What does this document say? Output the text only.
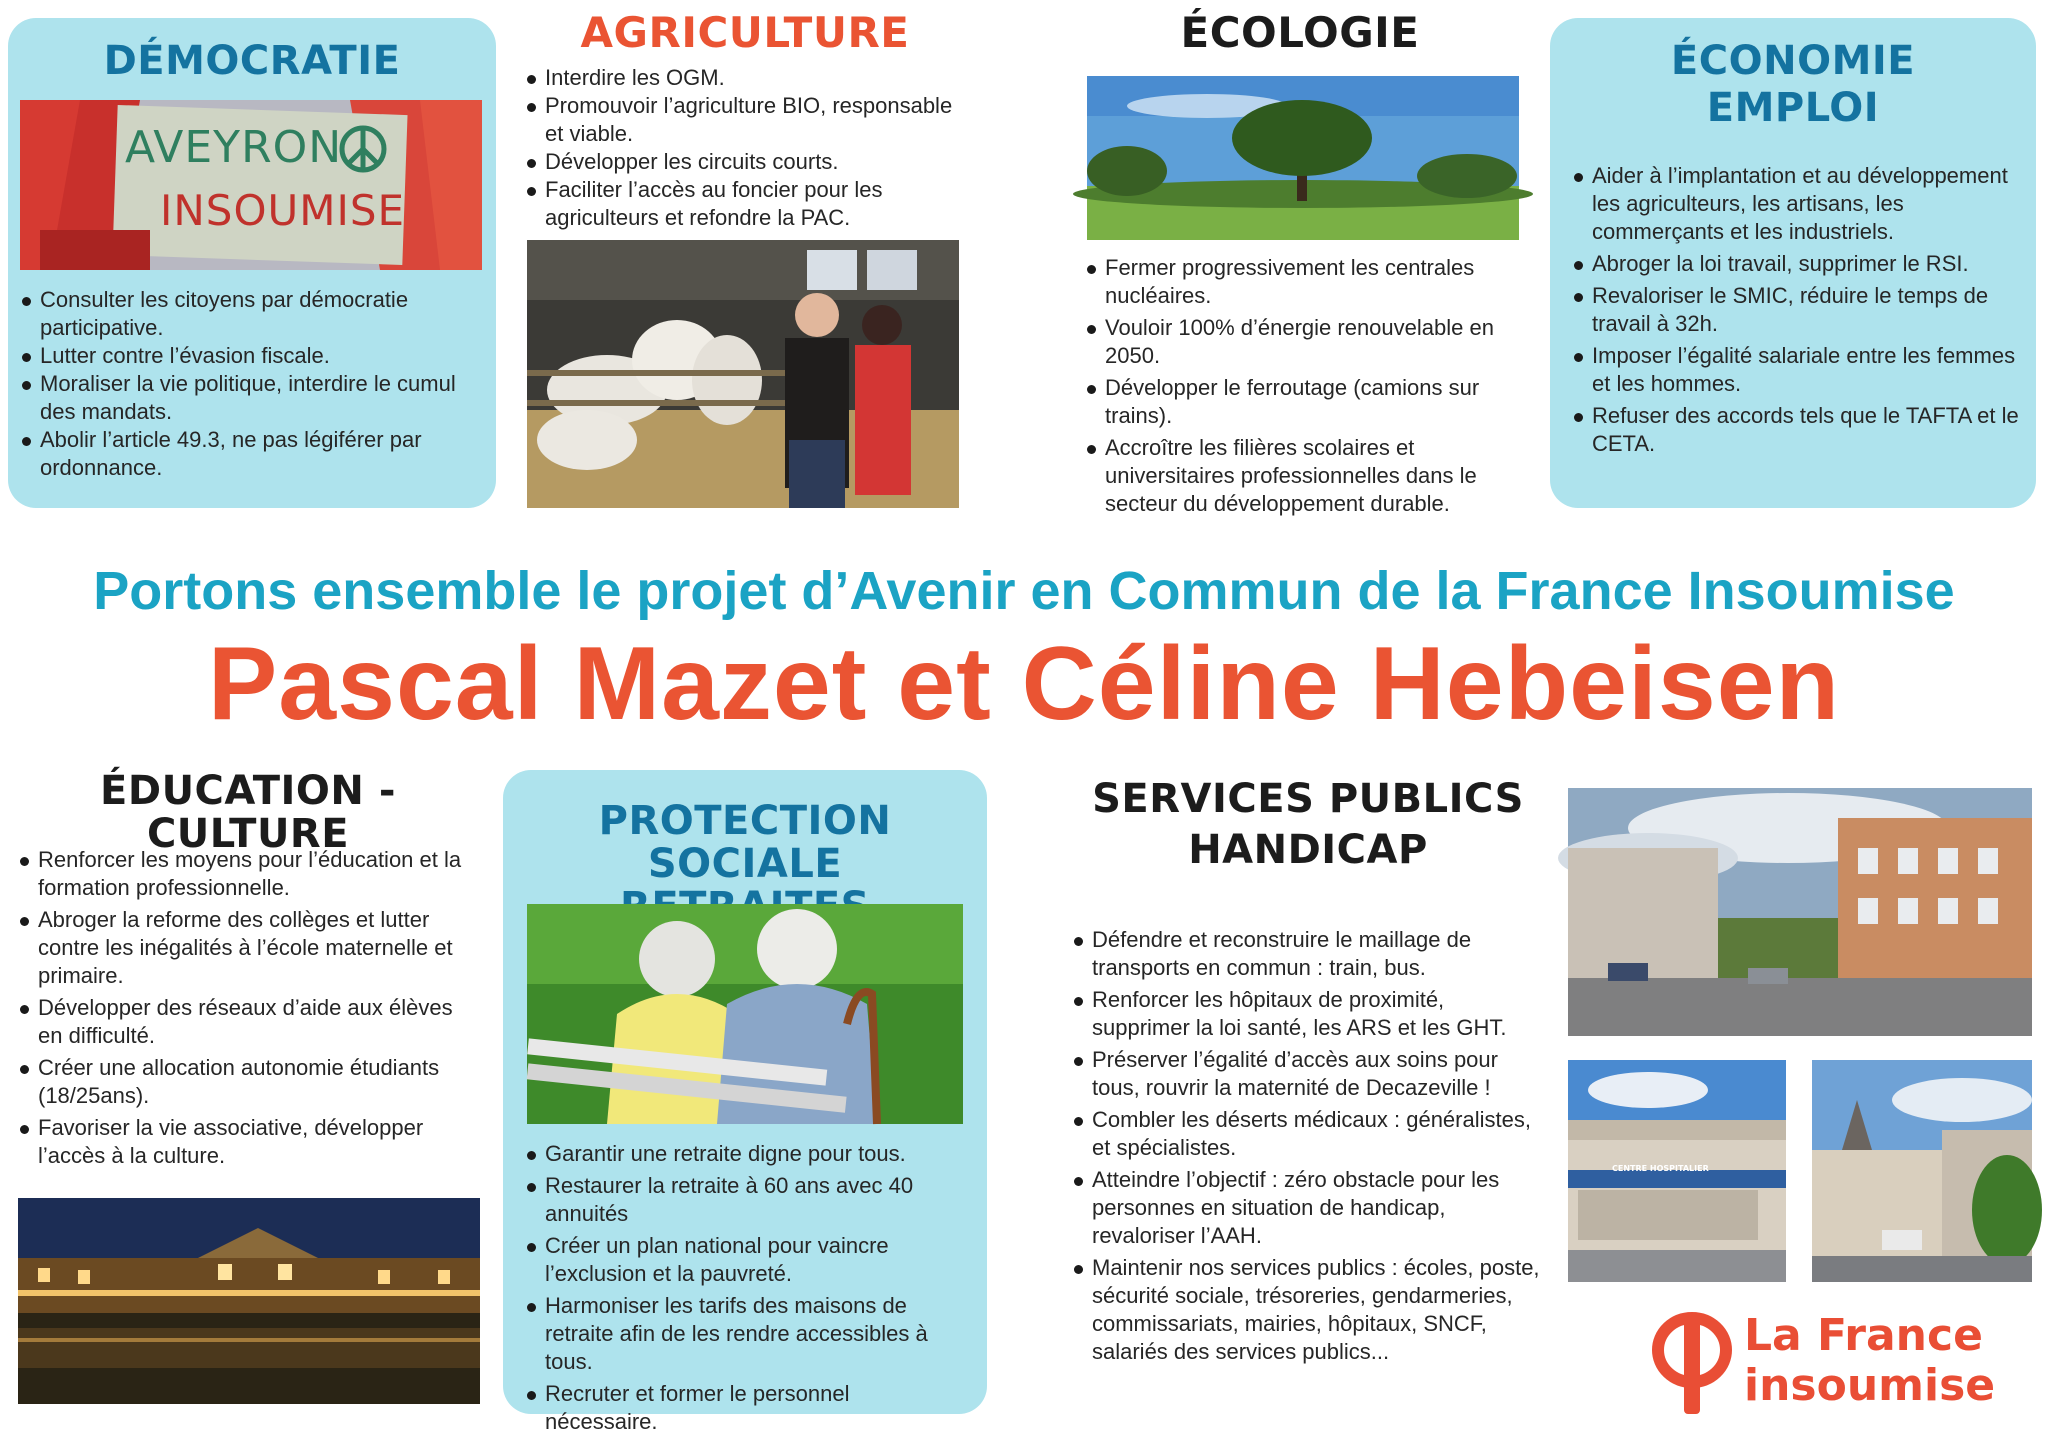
DÉMOCRATIE
AVEYRON
INSOUMISE
Consulter les citoyens par démocratie participative.
Lutter contre l’évasion fiscale.
Moraliser la vie politique, interdire le cumul des mandats.
Abolir l’article 49.3, ne pas légiférer par ordonnance.
AGRICULTURE
Interdire les OGM.
Promouvoir l’agriculture BIO, responsable et viable.
Développer les circuits courts.
Faciliter l’accès au foncier pour les agriculteurs et refondre la PAC.
ÉCOLOGIE
Fermer progressivement les centrales nucléaires.
Vouloir 100% d’énergie renouvelable en 2050.
Développer le ferroutage (camions sur trains).
Accroître les filières scolaires et universitaires professionnelles dans le secteur du développement durable.
ÉCONOMIE
EMPLOI
Aider à l’implantation et au développement les agriculteurs, les artisans, les commerçants et les industriels.
Abroger la loi travail, supprimer le RSI.
Revaloriser le SMIC, réduire le temps de travail à 32h.
Imposer l’égalité salariale entre les femmes et les hommes.
Refuser des accords tels que le TAFTA et le CETA.
Portons ensemble le projet d’Avenir en Commun de la France Insoumise
Pascal Mazet et Céline Hebeisen
ÉDUCATION - CULTURE
Renforcer les moyens pour l’éducation et la formation professionnelle.
Abroger la reforme des collèges et lutter contre les inégalités à l’école maternelle et primaire.
Développer des réseaux d’aide aux élèves en difficulté.
Créer une allocation autonomie étudiants (18/25ans).
Favoriser la vie associative, développer l’accès à la culture.
PROTECTION SOCIALE
Garantir une retraite digne pour tous.
Restaurer la retraite à 60 ans avec 40 annuités
Créer un plan national pour vaincre l’exclusion et la pauvreté.
Harmoniser les tarifs des maisons de retraite afin de les rendre accessibles à tous.
Recruter et former le personnel nécessaire.
SERVICES PUBLICS
HANDICAP
Défendre et reconstruire le maillage de transports en commun : train, bus.
Renforcer les hôpitaux de proximité, supprimer la loi santé, les ARS et les GHT.
Préserver l’égalité d’accès aux soins pour tous, rouvrir la maternité de Decazeville !
Combler les déserts médicaux : généralistes, et spécialistes.
Atteindre l’objectif : zéro obstacle pour les personnes en situation de handicap, revaloriser l’AAH.
Maintenir nos services publics : écoles, poste, sécurité sociale, trésoreries, gendarmeries, commissariats, mairies, hôpitaux, SNCF, salariés des services publics...
CENTRE HOSPITALIER
La France
insoumise
